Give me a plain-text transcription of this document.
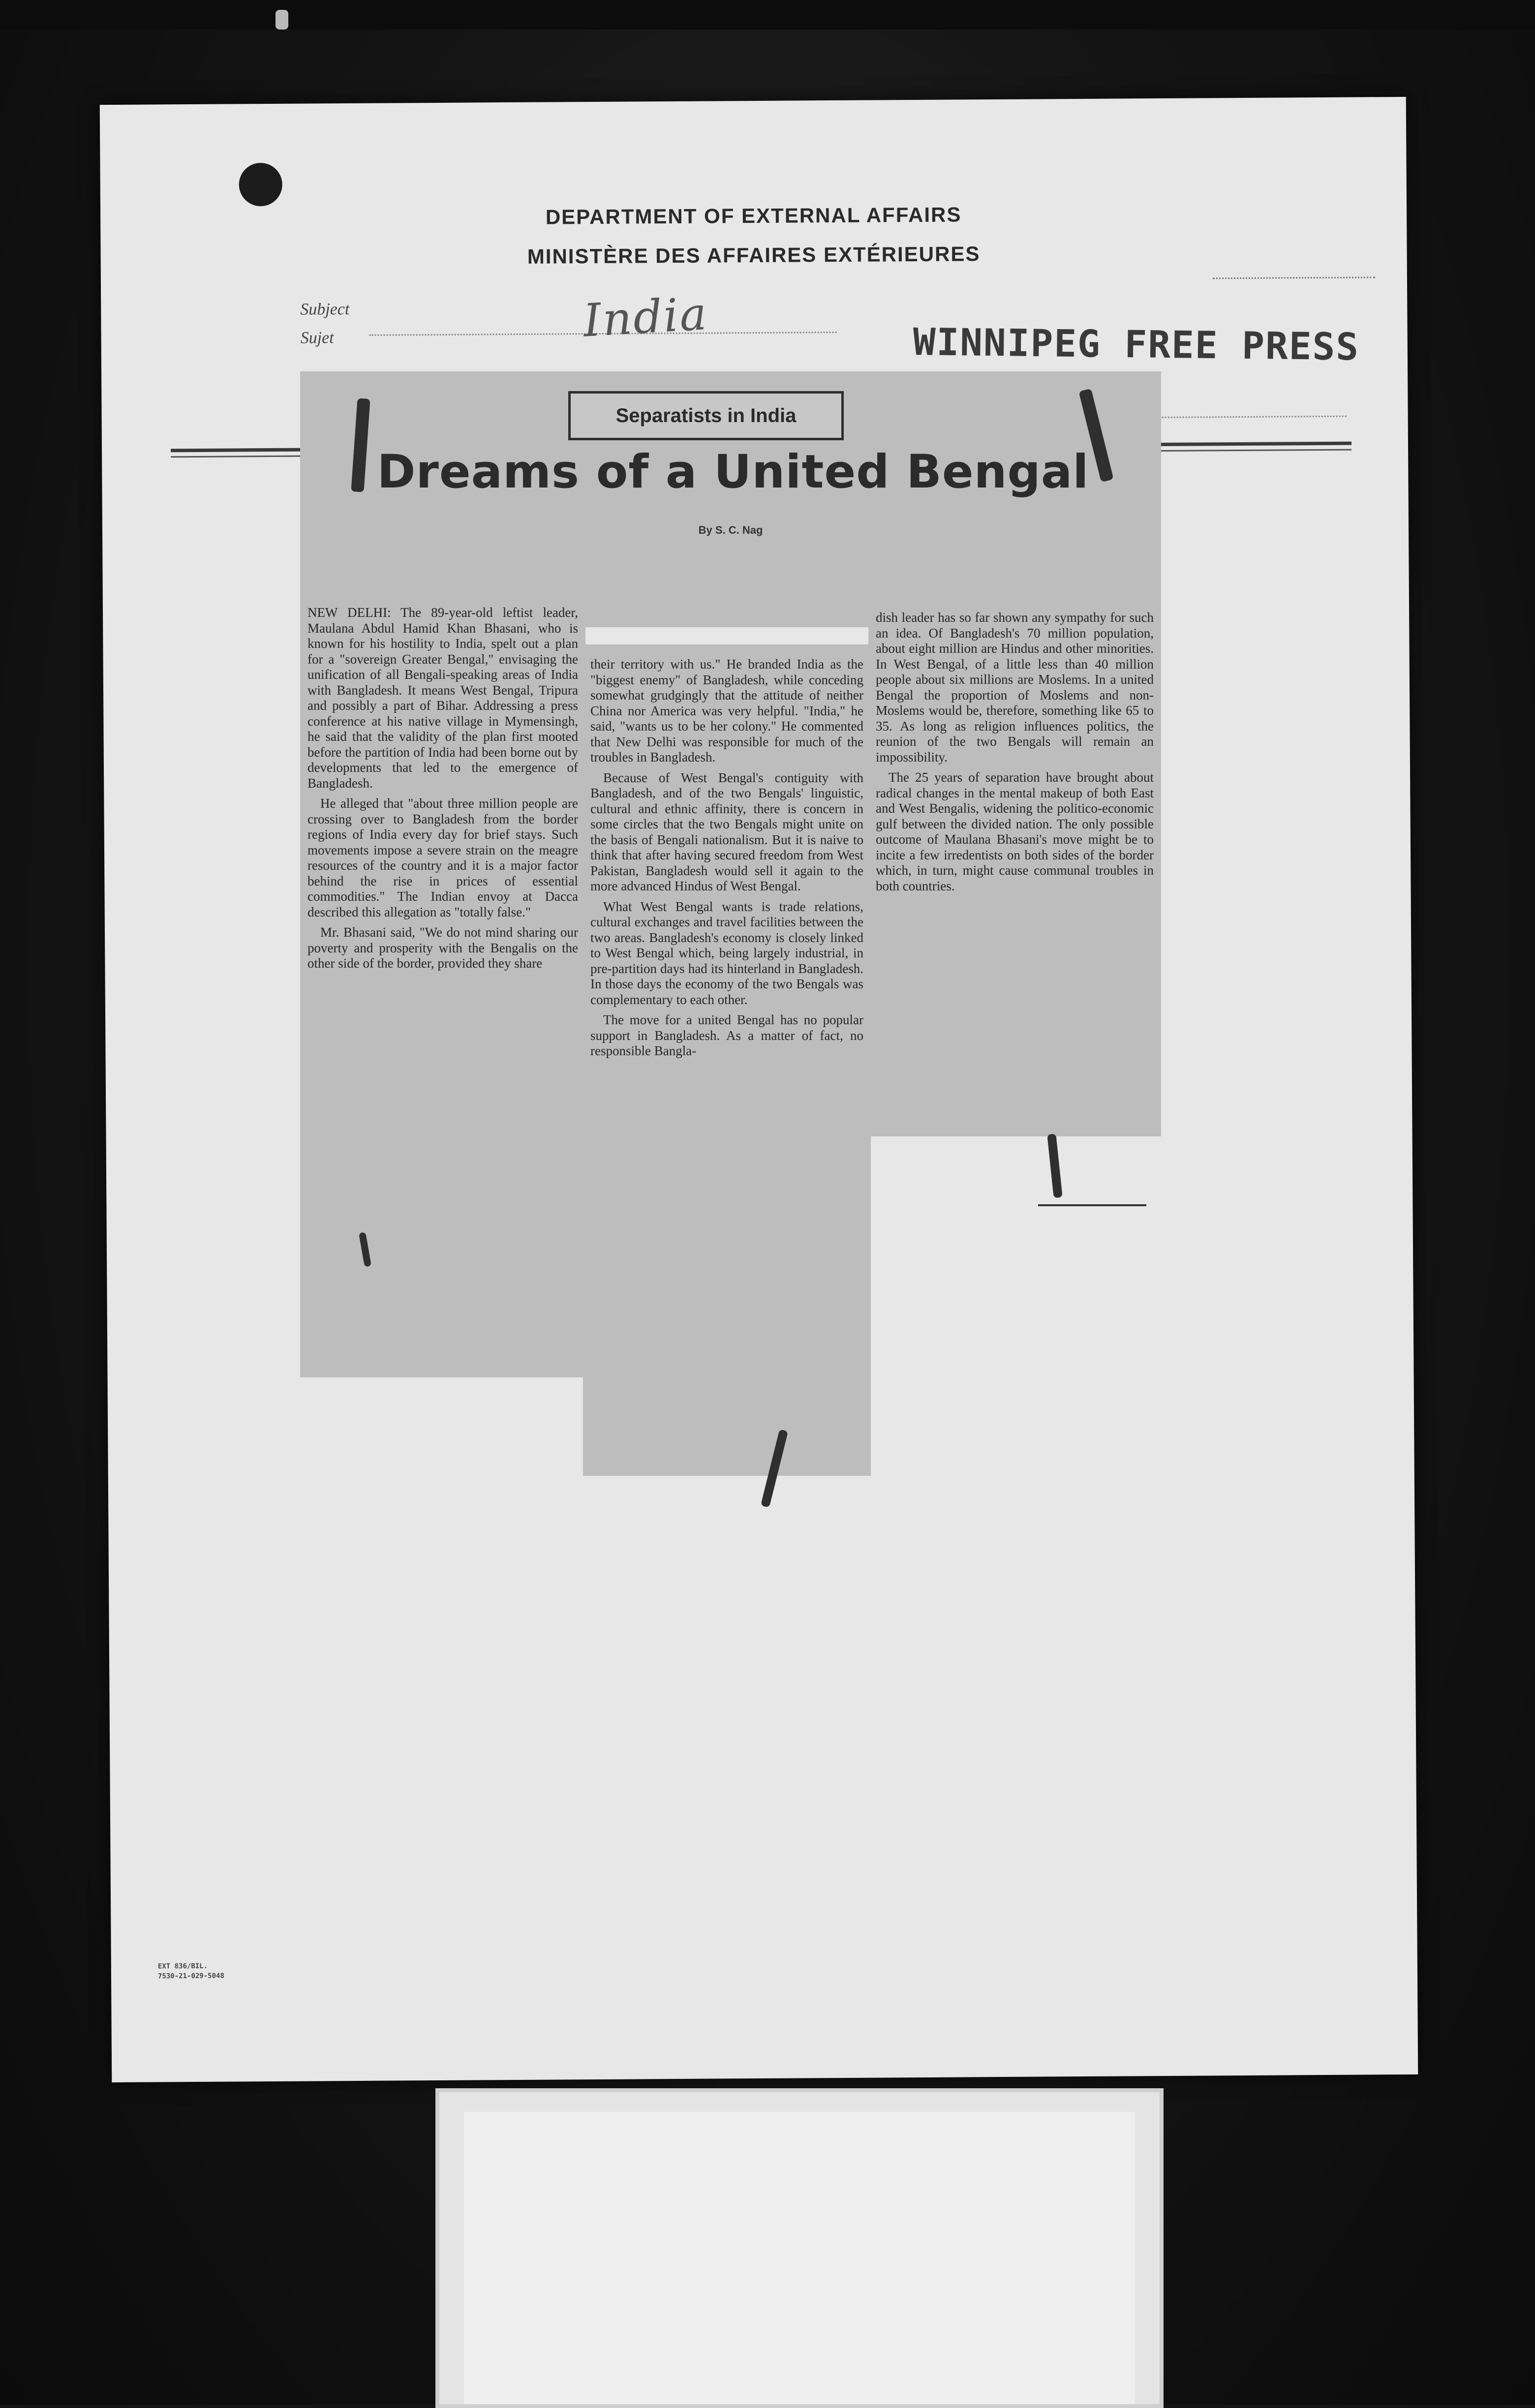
DEPARTMENT OF EXTERNAL AFFAIRS
MINISTÈRE DES AFFAIRES EXTÉRIEURES
Subject
Sujet	India	WINNIPEG FREE PRESS
EXT 836/BIL.
7530-21-029-5048
Separatists in India
Dreams of a United Bengal
By S. C. Nag

NEW DELHI: The 89-year-old leftist leader, Maulana Abdul Hamid Khan Bhasani, who is known for his hostility to India, spelt out a plan for a "sovereign Greater Bengal," envisaging the unification of all Bengali-speaking areas of India with Bangladesh. It means West Bengal, Tripura and possibly a part of Bihar. Addressing a press conference at his native village in Mymensingh, he said that the validity of the plan first mooted before the partition of India had been borne out by developments that led to the emergence of Bangladesh.

He alleged that "about three million people are crossing over to Bangladesh from the border regions of India every day for brief stays. Such movements impose a severe strain on the meagre resources of the country and it is a major factor behind the rise in prices of essential commodities." The Indian envoy at Dacca described this allegation as "totally false."

Mr. Bhasani said, "We do not mind sharing our poverty and prosperity with the Bengalis on the other side of the border, provided they share

their territory with us." He branded India as the "biggest enemy" of Bangladesh, while conceding somewhat grudgingly that the attitude of neither China nor America was very helpful. "India," he said, "wants us to be her colony." He commented that New Delhi was responsible for much of the troubles in Bangladesh.

Because of West Bengal's contiguity with Bangladesh, and of the two Bengals' linguistic, cultural and ethnic affinity, there is concern in some circles that the two Bengals might unite on the basis of Bengali nationalism. But it is naive to think that after having secured freedom from West Pakistan, Bangladesh would sell it again to the more advanced Hindus of West Bengal.

What West Bengal wants is trade relations, cultural exchanges and travel facilities between the two areas. Bangladesh's economy is closely linked to West Bengal which, being largely industrial, in pre-partition days had its hinterland in Bangladesh. In those days the economy of the two Bengals was complementary to each other.

The move for a united Bengal has no popular support in Bangladesh. As a matter of fact, no responsible Bangla-

dish leader has so far shown any sympathy for such an idea. Of Bangladesh's 70 million population, about eight million are Hindus and other minorities. In West Bengal, of a little less than 40 million people about six millions are Moslems. In a united Bengal the proportion of Moslems and non-Moslems would be, therefore, something like 65 to 35. As long as religion influences politics, the reunion of the two Bengals will remain an impossibility.

The 25 years of separation have brought about radical changes in the mental makeup of both East and West Bengalis, widening the politico-economic gulf between the divided nation. The only possible outcome of Maulana Bhasani's move might be to incite a few irredentists on both sides of the border which, in turn, might cause communal troubles in both countries.
